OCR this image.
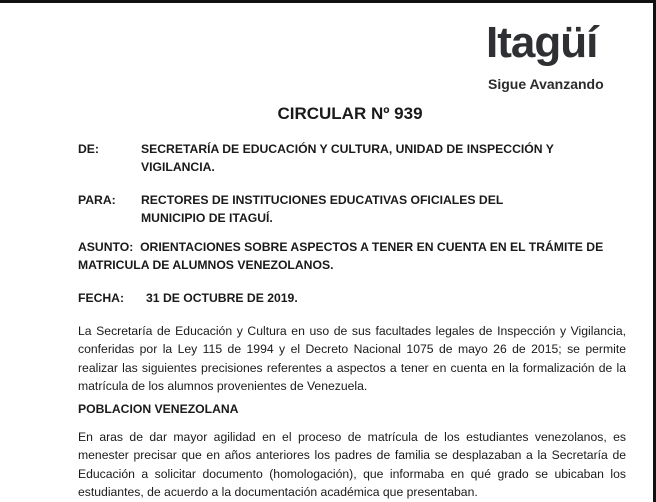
Itagüí
Sigue Avanzando
CIRCULAR Nº 939
DE:	SECRETARÍA DE EDUCACIÓN Y CULTURA, UNIDAD DE INSPECCIÓN Y VIGILANCIA.
PARA: RECTORES DE INSTITUCIONES EDUCATIVAS OFICIALES DEL MUNICIPIO DE ITAGUÍ.
ASUNTO: ORIENTACIONES SOBRE ASPECTOS A TENER EN CUENTA EN EL TRÁMITE DE MATRICULA DE ALUMNOS VENEZOLANOS.
FECHA: 31 DE OCTUBRE DE 2019.
La Secretaría de Educación y Cultura en uso de sus facultades legales de Inspección y Vigilancia, conferidas por la Ley 115 de 1994 y el Decreto Nacional 1075 de mayo 26 de 2015; se permite realizar las siguientes precisiones referentes a aspectos a tener en cuenta en la formalización de la matrícula de los alumnos provenientes de Venezuela.
POBLACION VENEZOLANA
En aras de dar mayor agilidad en el proceso de matrícula de los estudiantes venezolanos, es menester precisar que en años anteriores los padres de familia se desplazaban a la Secretaría de Educación a solicitar documento (homologación), que informaba en qué grado se ubicaban los estudiantes, de acuerdo a la documentación académica que presentaban.
